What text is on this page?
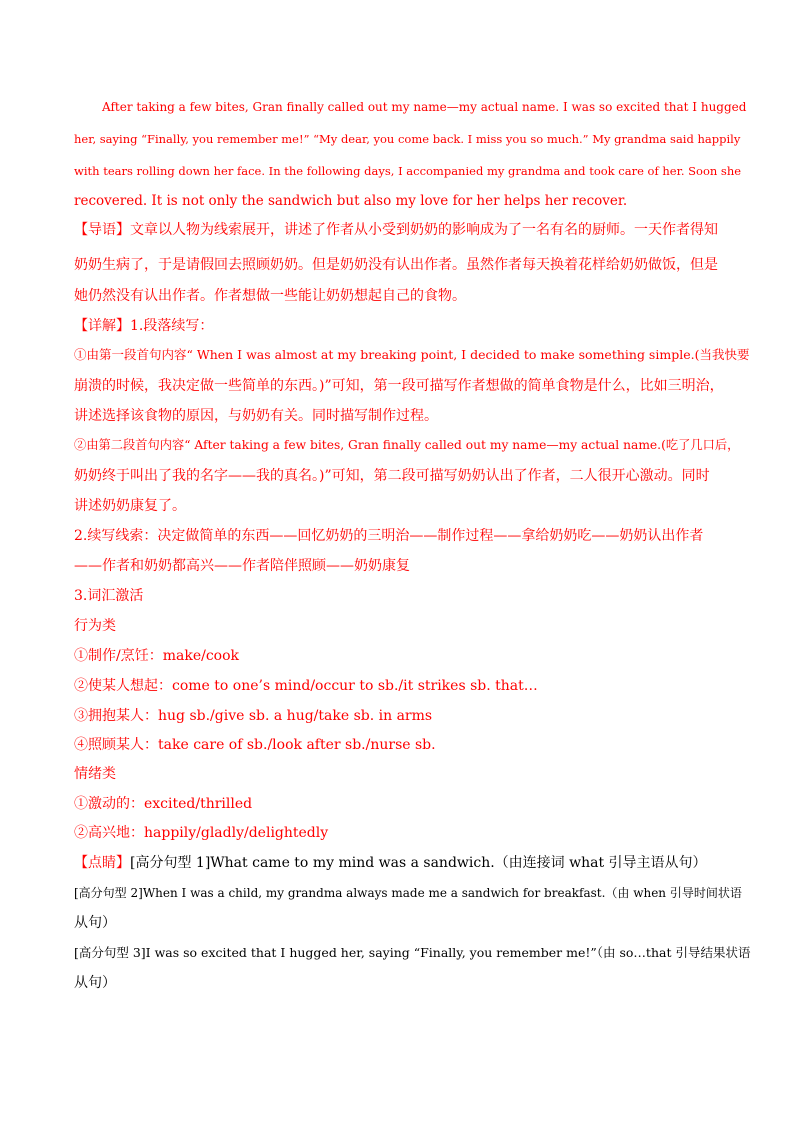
After taking a few bites, Gran finally called out my name—my actual name. I was so excited that I hugged
her, saying “Finally, you remember me!” “My dear, you come back. I miss you so much.” My grandma said happily
with tears rolling down her face. In the following days, I accompanied my grandma and took care of her. Soon she
recovered. It is not only the sandwich but also my love for her helps her recover.
【导语】文章以人物为线索展开，讲述了作者从小受到奶奶的影响成为了一名有名的厨师。一天作者得知
奶奶生病了，于是请假回去照顾奶奶。但是奶奶没有认出作者。虽然作者每天换着花样给奶奶做饭，但是
她仍然没有认出作者。作者想做一些能让奶奶想起自己的食物。
【详解】1.段落续写：
①由第一段首句内容“ When I was almost at my breaking point, I decided to make something simple.(当我快要
崩溃的时候，我决定做一些简单的东西。)”可知，第一段可描写作者想做的简单食物是什么，比如三明治，
讲述选择该食物的原因，与奶奶有关。同时描写制作过程。
②由第二段首句内容“ After taking a few bites, Gran finally called out my name—my actual name.(吃了几口后，
奶奶终于叫出了我的名字——我的真名。)”可知，第二段可描写奶奶认出了作者，二人很开心激动。同时
讲述奶奶康复了。
2.续写线索：决定做简单的东西——回忆奶奶的三明治——制作过程——拿给奶奶吃——奶奶认出作者
——作者和奶奶都高兴——作者陪伴照顾——奶奶康复
3.词汇激活
行为类
①制作/烹饪：make/cook
②使某人想起：come to one’s mind/occur to sb./it strikes sb. that…
③拥抱某人：hug sb./give sb. a hug/take sb. in arms
④照顾某人：take care of sb./look after sb./nurse sb.
情绪类
①激动的：excited/thrilled
②高兴地：happily/gladly/delightedly
【点睛】[高分句型 1]What came to my mind was a sandwich.（由连接词 what 引导主语从句）
[高分句型 2]When I was a child, my grandma always made me a sandwich for breakfast.（由 when 引导时间状语
从句）
[高分句型 3]I was so excited that I hugged her, saying “Finally, you remember me!”（由 so…that 引导结果状语
从句）
